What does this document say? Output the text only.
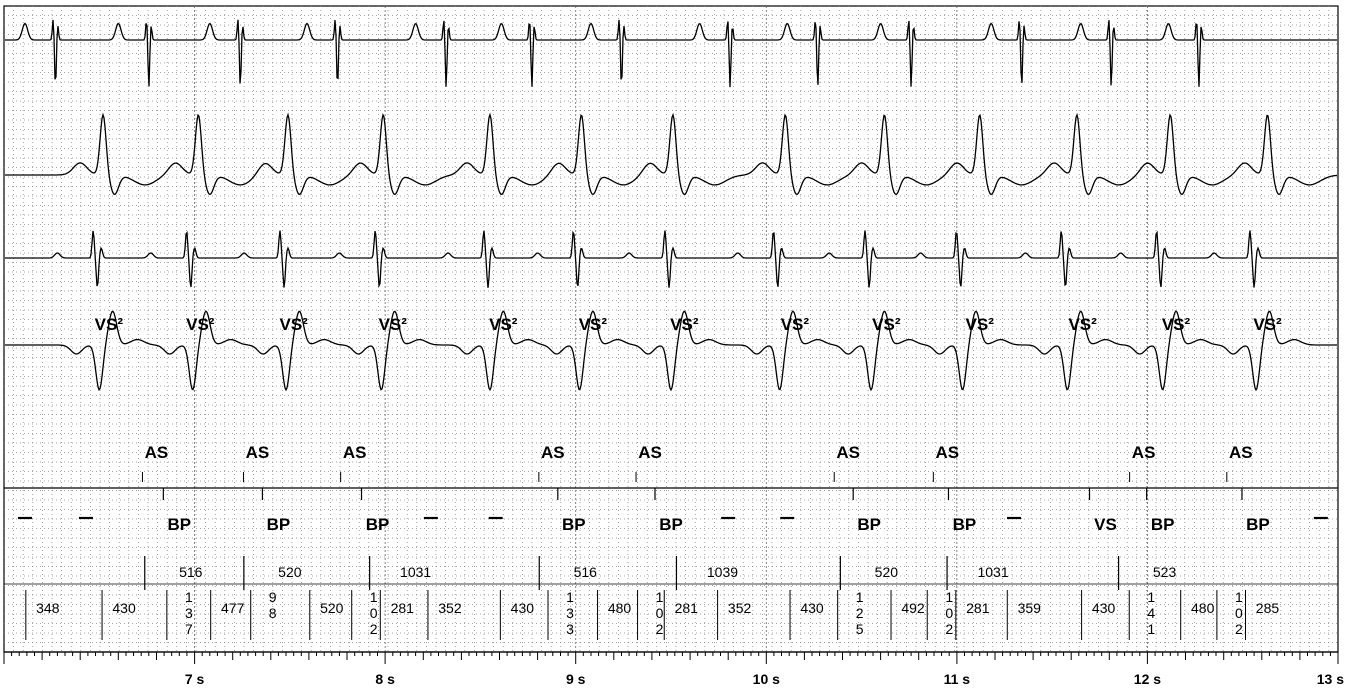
VS²	VS²	VS²	VS²	VS²	VS²	VS²	VS²	VS²	VS²	VS²	VS²	VS²
AS	AS	AS	AS	AS	AS	AS	AS	AS
BP	BP	BP	BP	BP	BP	BP	VS BP	BP
516	520	1031	516	1039	520	1031	523
348	430
1 3 7
477
9 8	520
1 0 2
281 352	430
1 3 3
480
1 0 2
281 352	430
1 2 5
492
1 0 2
281 359	430
1 4 1
480
1 0 2
285
7 s	8 s	9 s	10 s	11 s	12 s	13 s
